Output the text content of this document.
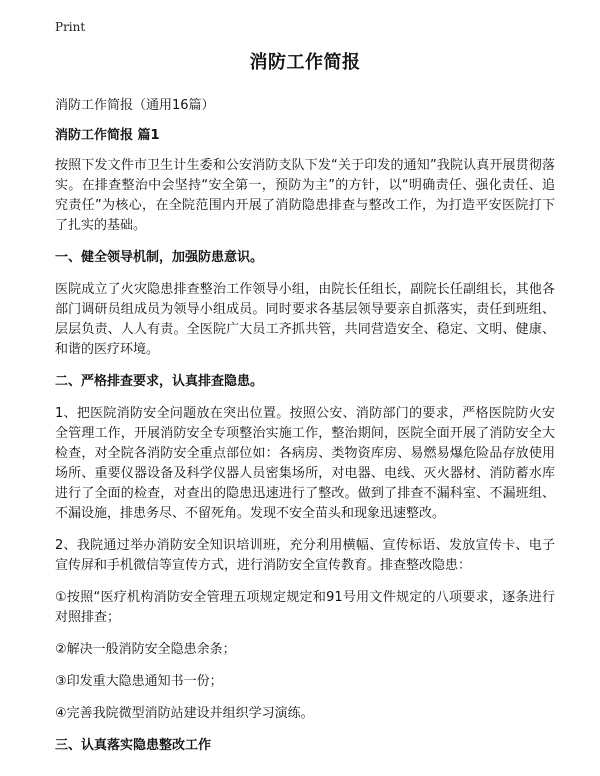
Print
消防工作简报
消防工作简报（通用16篇）
消防工作简报 篇1
按照下发文件市卫生计生委和公安消防支队下发“关于印发的通知”我院认真开展贯彻落实。在排查整治中会坚持“安全第一，预防为主”的方针，以“明确责任、强化责任、追究责任”为核心，在全院范围内开展了消防隐患排查与整改工作，为打造平安医院打下了扎实的基础。
一、健全领导机制，加强防患意识。
医院成立了火灾隐患排查整治工作领导小组，由院长任组长，副院长任副组长，其他各部门调研员组成员为领导小组成员。同时要求各基层领导要亲自抓落实，责任到班组、层层负责、人人有责。全医院广大员工齐抓共管，共同营造安全、稳定、文明、健康、和谐的医疗环境。
二、严格排查要求，认真排查隐患。
1、把医院消防安全问题放在突出位置。按照公安、消防部门的要求，严格医院防火安全管理工作，开展消防安全专项整治实施工作，整治期间，医院全面开展了消防安全大检查，对全院各消防安全重点部位如：各病房、类物资库房、易燃易爆危险品存放使用场所、重要仪器设备及科学仪器人员密集场所，对电器、电线、灭火器材、消防蓄水库进行了全面的检查，对查出的隐患迅速进行了整改。做到了排查不漏科室、不漏班组、不漏设施，排患务尽、不留死角。发现不安全苗头和现象迅速整改。
2、我院通过举办消防安全知识培训班，充分利用横幅、宣传标语、发放宣传卡、电子宣传屏和手机微信等宣传方式，进行消防安全宣传教育。排查整改隐患：
①按照“医疗机构消防安全管理五项规定规定和91号用文件规定的八项要求，逐条进行对照排查；
②解决一般消防安全隐患余条；
③印发重大隐患通知书一份；
④完善我院微型消防站建设并组织学习演练。
三、认真落实隐患整改工作
